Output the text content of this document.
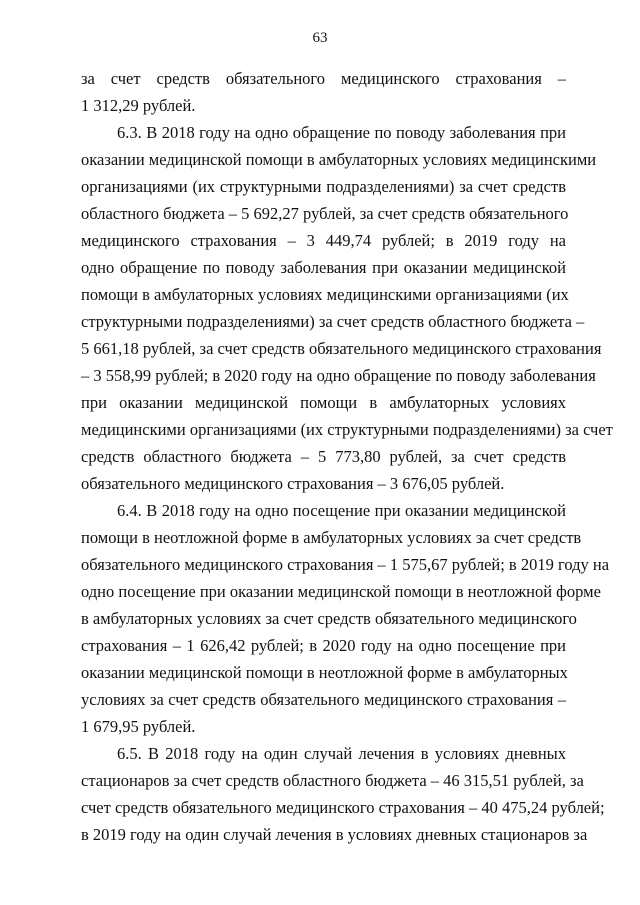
63
за счет средств обязательного медицинского страхования –
1 312,29 рублей.
6.3. В 2018 году на одно обращение по поводу заболевания при
оказании медицинской помощи в амбулаторных условиях медицинскими
организациями (их структурными подразделениями) за счет средств
областного бюджета – 5 692,27 рублей, за счет средств обязательного
медицинского страхования – 3 449,74 рублей; в 2019 году на
одно обращение по поводу заболевания при оказании медицинской
помощи в амбулаторных условиях медицинскими организациями (их
структурными подразделениями) за счет средств областного бюджета –
5 661,18 рублей, за счет средств обязательного медицинского страхования
– 3 558,99 рублей; в 2020 году на одно обращение по поводу заболевания
при оказании медицинской помощи в амбулаторных условиях
медицинскими организациями (их структурными подразделениями) за счет
средств областного бюджета – 5 773,80 рублей, за счет средств
обязательного медицинского страхования – 3 676,05 рублей.
6.4. В 2018 году на одно посещение при оказании медицинской
помощи в неотложной форме в амбулаторных условиях за счет средств
обязательного медицинского страхования – 1 575,67 рублей; в 2019 году на
одно посещение при оказании медицинской помощи в неотложной форме
в амбулаторных условиях за счет средств обязательного медицинского
страхования – 1 626,42 рублей; в 2020 году на одно посещение при
оказании медицинской помощи в неотложной форме в амбулаторных
условиях за счет средств обязательного медицинского страхования –
1 679,95 рублей.
6.5. В 2018 году на один случай лечения в условиях дневных
стационаров за счет средств областного бюджета – 46 315,51 рублей, за
счет средств обязательного медицинского страхования – 40 475,24 рублей;
в 2019 году на один случай лечения в условиях дневных стационаров за
